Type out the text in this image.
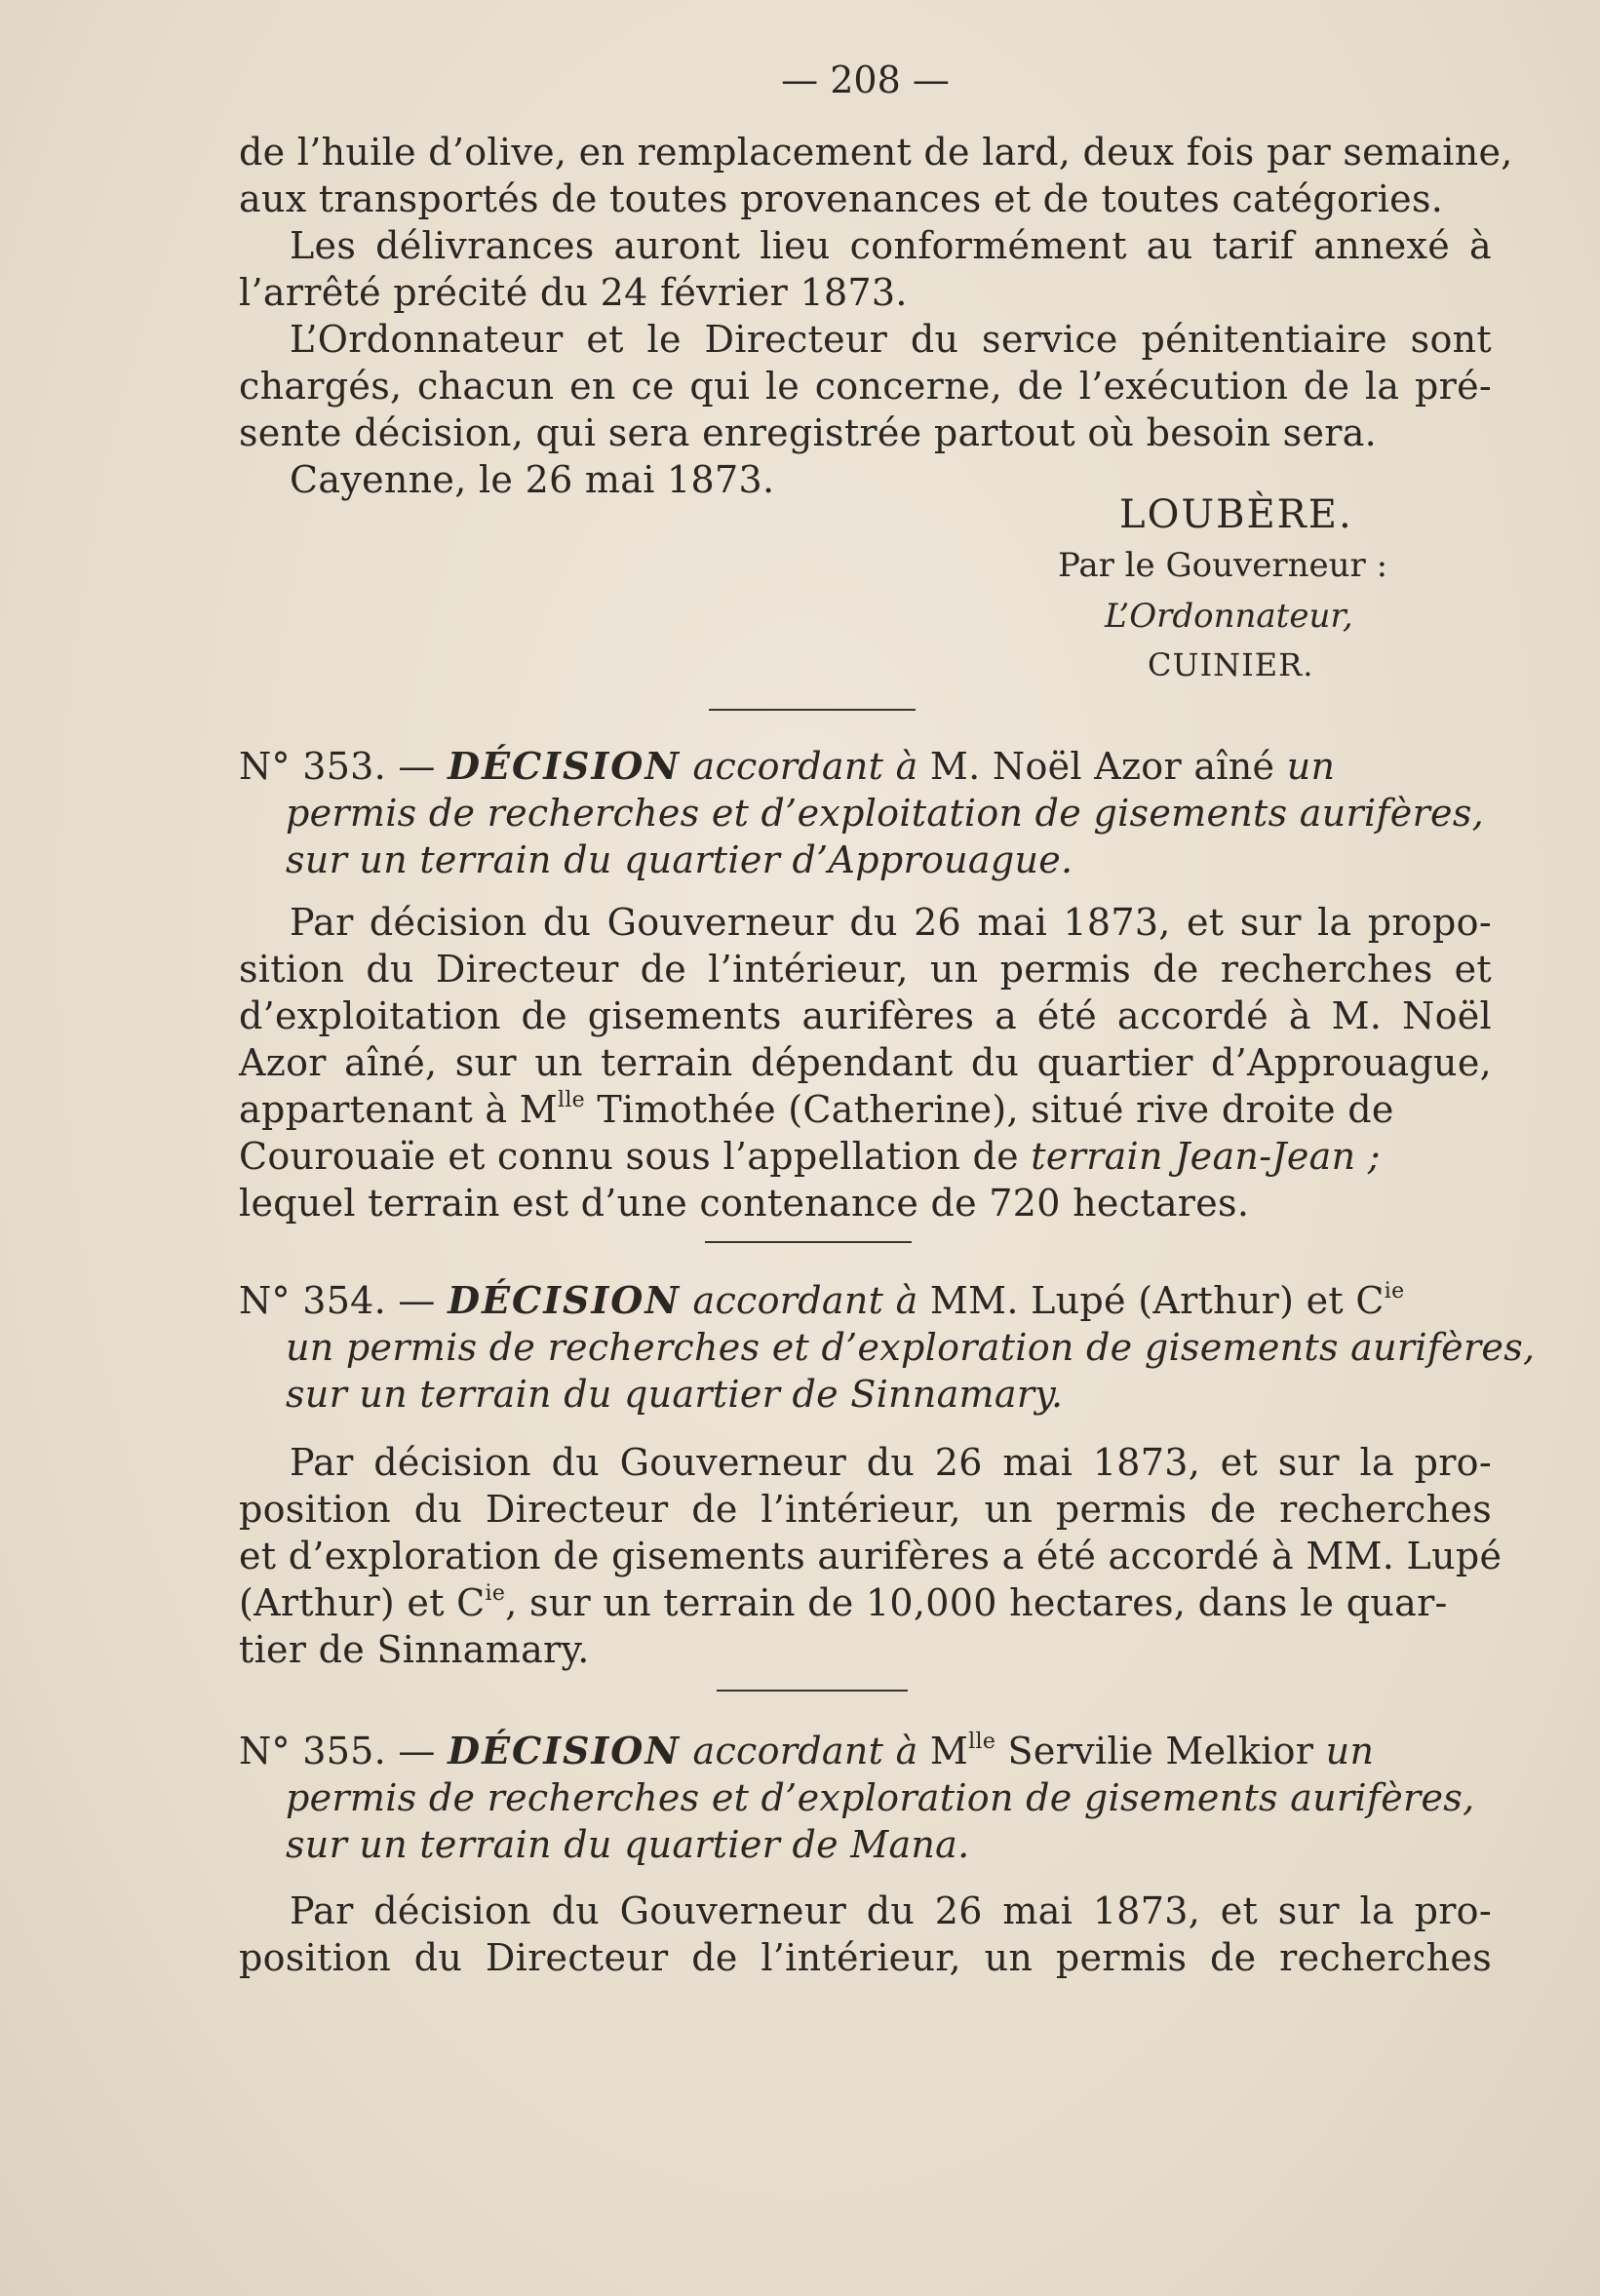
— 208 —
de l’huile d’olive, en remplacement de lard, deux fois par semaine,
aux transportés de toutes provenances et de toutes catégories.
Les délivrances auront lieu conformément au tarif annexé à
l’arrêté précité du 24 février 1873.
L’Ordonnateur et le Directeur du service pénitentiaire sont
chargés, chacun en ce qui le concerne, de l’exécution de la pré-
sente décision, qui sera enregistrée partout où besoin sera.
Cayenne, le 26 mai 1873.
LOUBÈRE.
Par le Gouverneur :
L’Ordonnateur,
CUINIER.
N° 353. — DÉCISION accordant à M. Noël Azor aîné un
permis de recherches et d’exploitation de gisements aurifères,
sur un terrain du quartier d’Approuague.
Par décision du Gouverneur du 26 mai 1873, et sur la propo-
sition du Directeur de l’intérieur, un permis de recherches et
d’exploitation de gisements aurifères a été accordé à M. Noël
Azor aîné, sur un terrain dépendant du quartier d’Approuague,
appartenant à $M^{lle}$ Timothée (Catherine), situé rive droite de
Courouaïe et connu sous l’appellation de terrain Jean-Jean ;
lequel terrain est d’une contenance de 720 hectares.
N° 354. — DÉCISION accordant à MM. Lupé (Arthur) et $C^{ie}$
un permis de recherches et d’exploration de gisements aurifères,
sur un terrain du quartier de Sinnamary.
Par décision du Gouverneur du 26 mai 1873, et sur la pro-
position du Directeur de l’intérieur, un permis de recherches
et d’exploration de gisements aurifères a été accordé à MM. Lupé
(Arthur) et $C^{ie}$, sur un terrain de 10,000 hectares, dans le quar-
tier de Sinnamary.
N° 355. — DÉCISION accordant à $M^{lle}$ Servilie Melkior un
permis de recherches et d’exploration de gisements aurifères,
sur un terrain du quartier de Mana.
Par décision du Gouverneur du 26 mai 1873, et sur la pro-
position du Directeur de l’intérieur, un permis de recherches
